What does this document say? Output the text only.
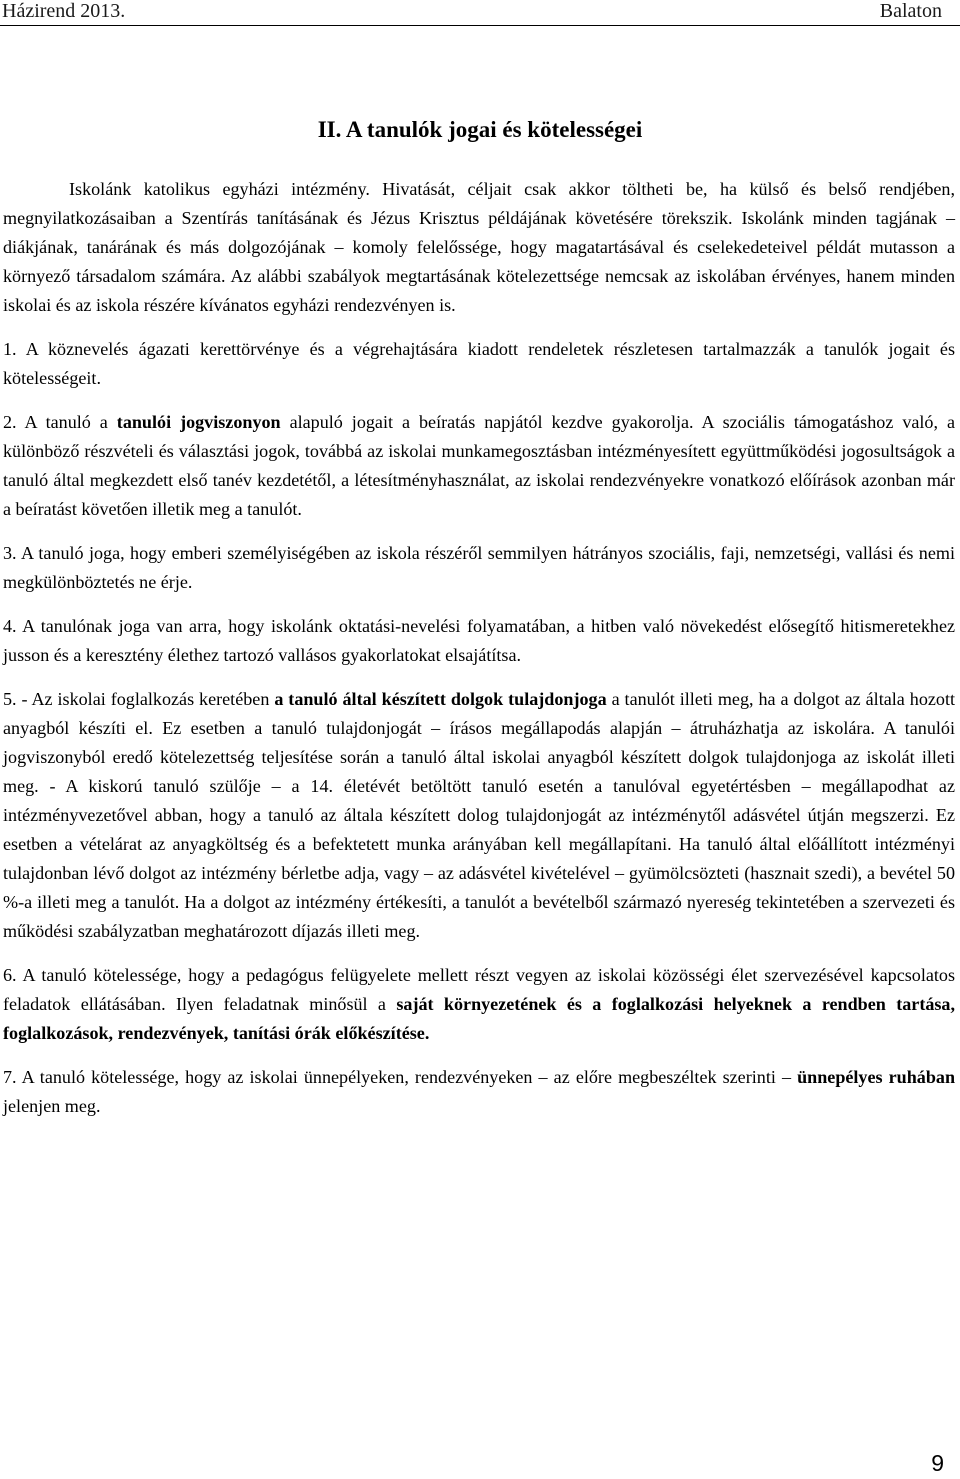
Házirend 2013.	Balaton
II. A tanulók jogai és kötelességei

Iskolánk katolikus egyházi intézmény. Hivatását, céljait csak akkor töltheti be, ha külső és belső rendjében, megnyilatkozásaiban a Szentírás tanításának és Jézus Krisztus példájának követésére törekszik. Iskolánk minden tagjának – diákjának, tanárának és más dolgozójának – komoly felelőssége, hogy magatartásával és cselekedeteivel példát mutasson a környező társadalom számára. Az alábbi szabályok megtartásának kötelezettsége nemcsak az iskolában érvényes, hanem minden iskolai és az iskola részére kívánatos egyházi rendezvényen is.

1. A köznevelés ágazati kerettörvénye és a végrehajtására kiadott rendeletek részletesen tartalmazzák a tanulók jogait és kötelességeit.

2. A tanuló a tanulói jogviszonyon alapuló jogait a beíratás napjától kezdve gyakorolja. A szociális támogatáshoz való, a különböző részvételi és választási jogok, továbbá az iskolai munkamegosztásban intézményesített együttműködési jogosultságok a tanuló által megkezdett első tanév kezdetétől, a létesítményhasználat, az iskolai rendezvényekre vonatkozó előírások azonban már a beíratást követően illetik meg a tanulót.

3. A tanuló joga, hogy emberi személyiségében az iskola részéről semmilyen hátrányos szociális, faji, nemzetségi, vallási és nemi megkülönböztetés ne érje.

4. A tanulónak joga van arra, hogy iskolánk oktatási-nevelési folyamatában, a hitben való növekedést elősegítő hitismeretekhez jusson és a keresztény élethez tartozó vallásos gyakorlatokat elsajátítsa.

5. - Az iskolai foglalkozás keretében a tanuló által készített dolgok tulajdonjoga a tanulót illeti meg, ha a dolgot az általa hozott anyagból készíti el. Ez esetben a tanuló tulajdonjogát – írásos megállapodás alapján – átruházhatja az iskolára. A tanulói jogviszonyból eredő kötelezettség teljesítése során a tanuló által iskolai anyagból készített dolgok tulajdonjoga az iskolát illeti meg. - A kiskorú tanuló szülője – a 14. életévét betöltött tanuló esetén a tanulóval egyetértésben – megállapodhat az intézményvezetővel abban, hogy a tanuló az általa készített dolog tulajdonjogát az intézménytől adásvétel útján megszerzi. Ez esetben a vételárat az anyagköltség és a befektetett munka arányában kell megállapítani. Ha tanuló által előállított intézményi tulajdonban lévő dolgot az intézmény bérletbe adja, vagy – az adásvétel kivételével – gyümölcsözteti (hasznait szedi), a bevétel 50 %-a illeti meg a tanulót. Ha a dolgot az intézmény értékesíti, a tanulót a bevételből származó nyereség tekintetében a szervezeti és működési szabályzatban meghatározott díjazás illeti meg.

6. A tanuló kötelessége, hogy a pedagógus felügyelete mellett részt vegyen az iskolai közösségi élet szervezésével kapcsolatos feladatok ellátásában. Ilyen feladatnak minősül a saját környezetének és a foglalkozási helyeknek a rendben tartása, foglalkozások, rendezvények, tanítási órák előkészítése.

7. A tanuló kötelessége, hogy az iskolai ünnepélyeken, rendezvényeken – az előre megbeszéltek szerinti – ünnepélyes ruhában jelenjen meg.

9
